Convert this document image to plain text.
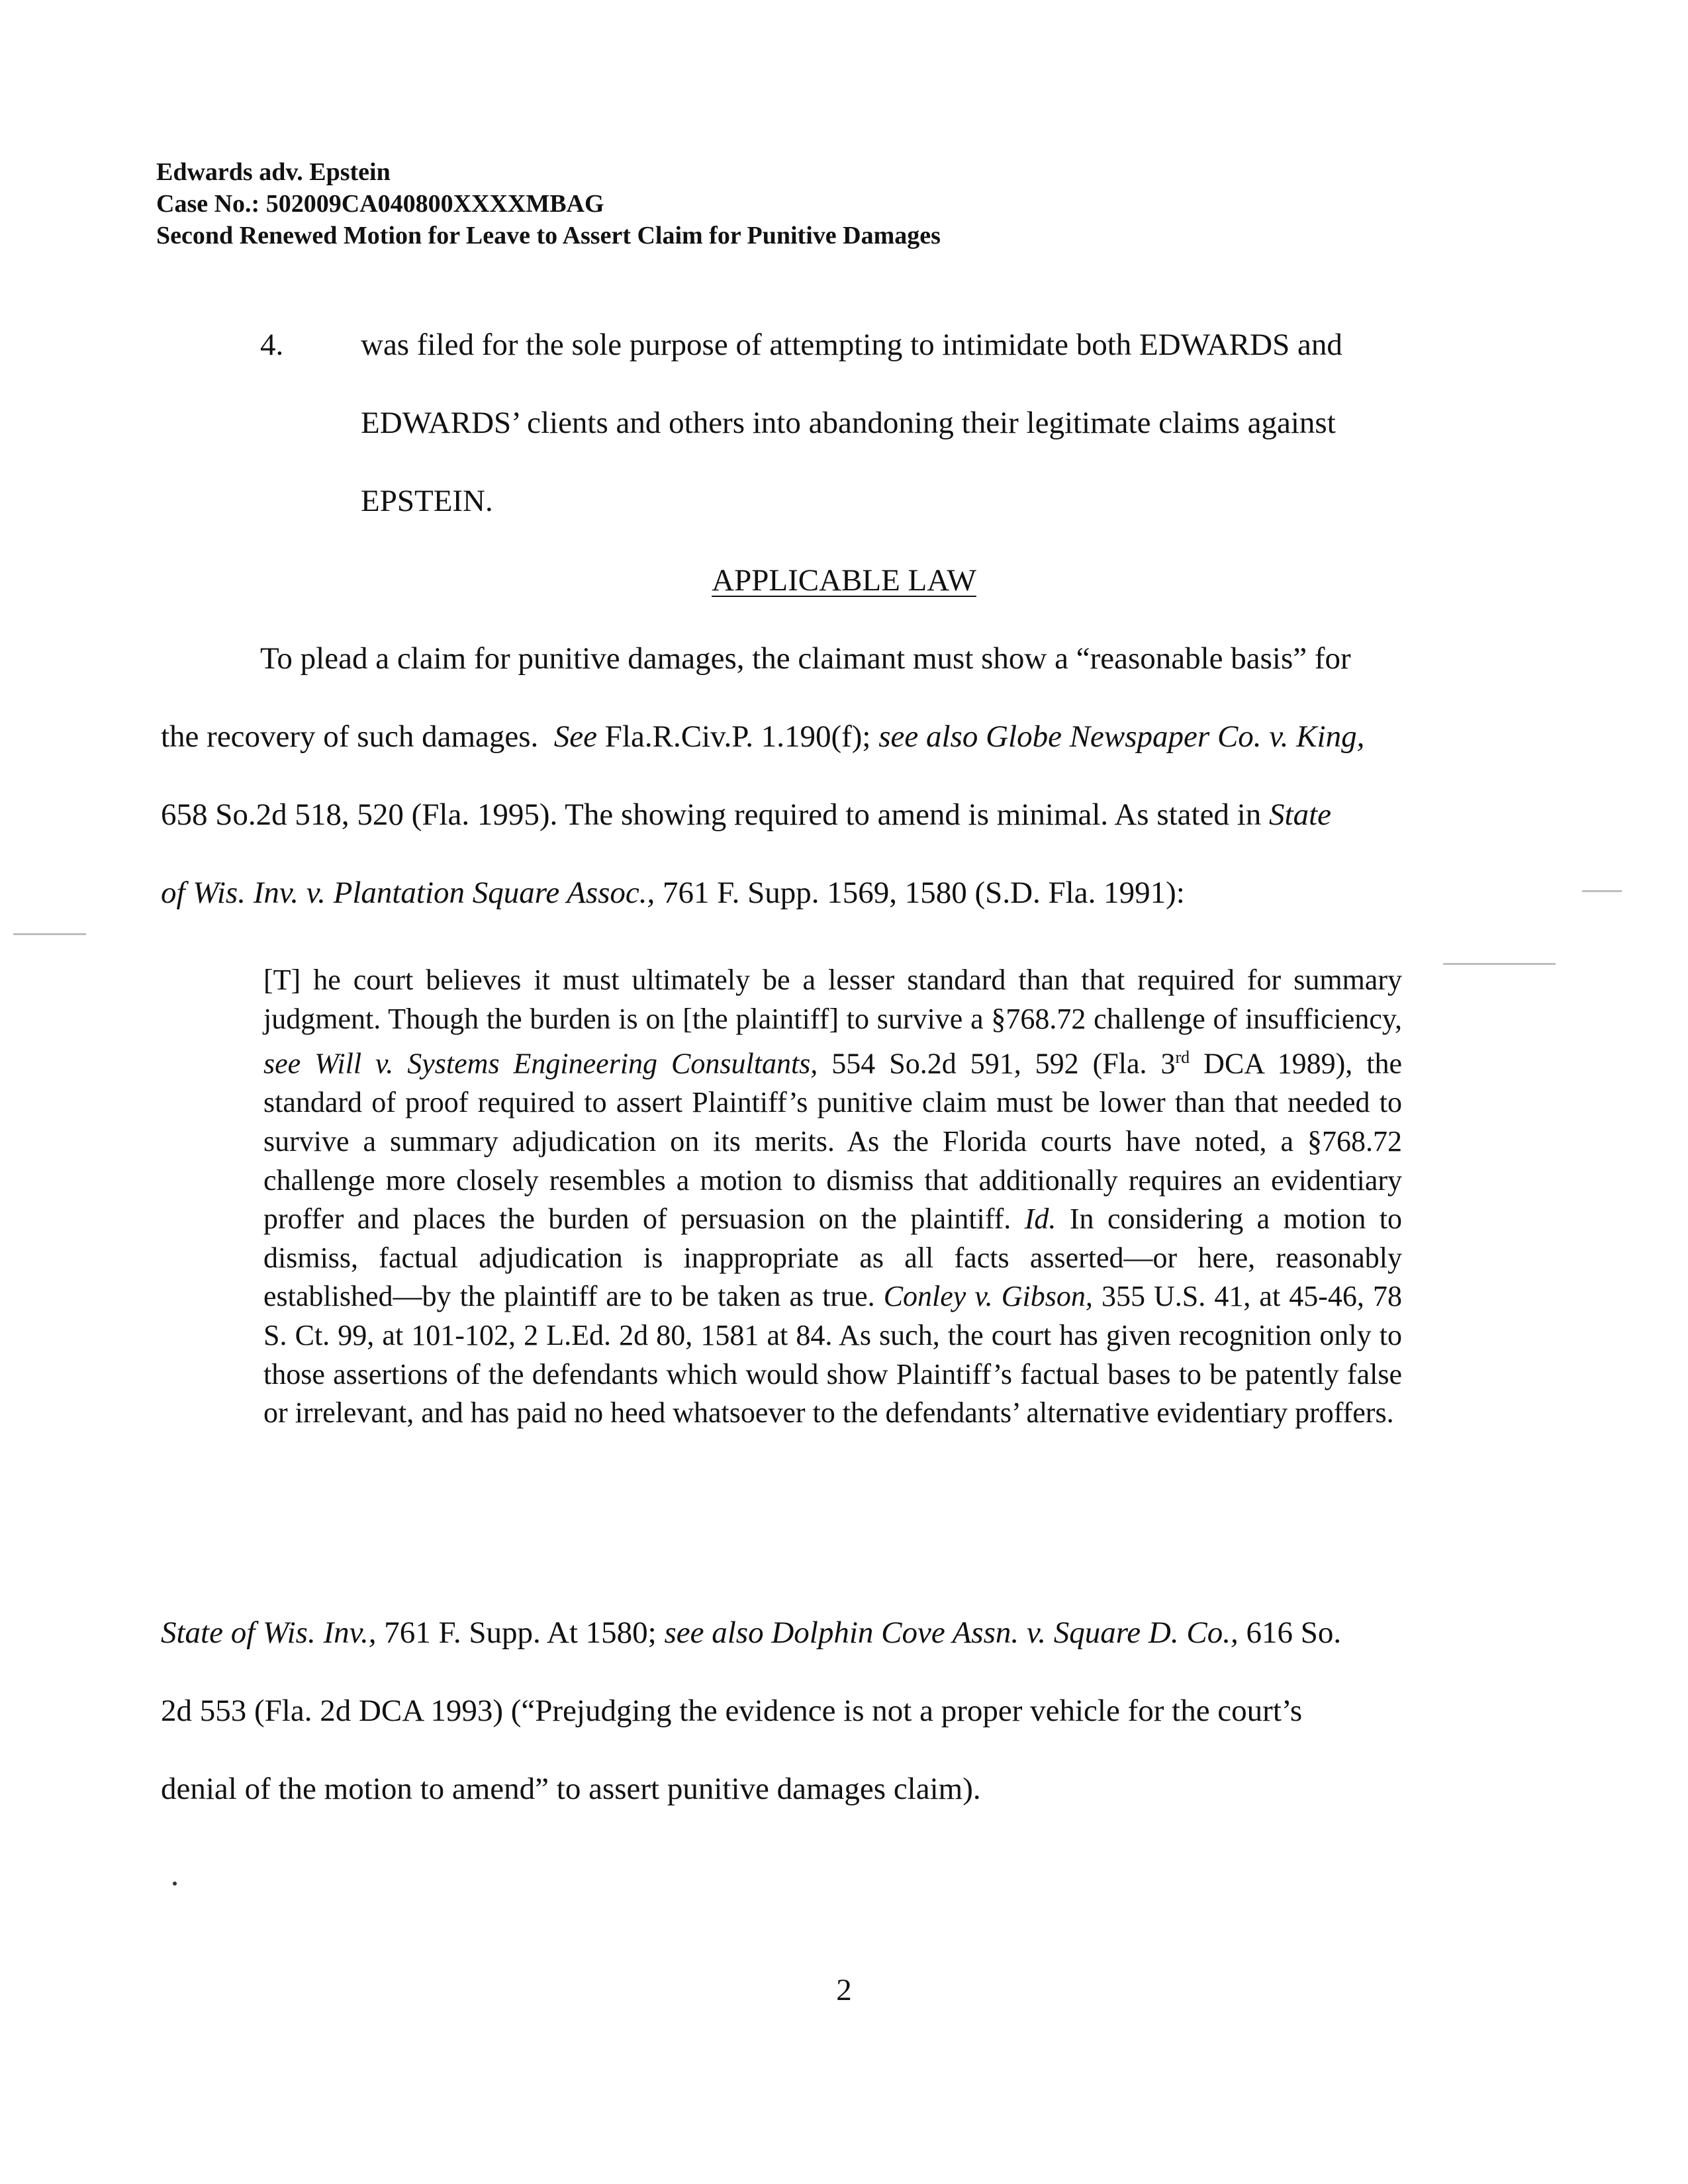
Edwards adv. Epstein
Case No.: 502009CA040800XXXXMBAG
Second Renewed Motion for Leave to Assert Claim for Punitive Damages
4. was filed for the sole purpose of attempting to intimidate both EDWARDS and
EDWARDS’ clients and others into abandoning their legitimate claims against
EPSTEIN.
APPLICABLE LAW
To plead a claim for punitive damages, the claimant must show a “reasonable basis” for
the recovery of such damages. See Fla.R.Civ.P. 1.190(f); see also Globe Newspaper Co. v. King,
658 So.2d 518, 520 (Fla. 1995). The showing required to amend is minimal. As stated in State
of Wis. Inv. v. Plantation Square Assoc., 761 F. Supp. 1569, 1580 (S.D. Fla. 1991):

[T] he court believes it must ultimately be a lesser standard than that required for summary judgment. Though the burden is on [the plaintiff] to survive a §768.72 challenge of insufficiency, see Will v. Systems Engineering Consultants, 554 So.2d 591, 592 (Fla. 3rd DCA 1989), the standard of proof required to assert Plaintiff’s punitive claim must be lower than that needed to survive a summary adjudication on its merits. As the Florida courts have noted, a §768.72 challenge more closely resembles a motion to dismiss that additionally requires an evidentiary proffer and places the burden of persuasion on the plaintiff. Id. In considering a motion to dismiss, factual adjudication is inappropriate as all facts asserted—or here, reasonably established—by the plaintiff are to be taken as true. Conley v. Gibson, 355 U.S. 41, at 45-46, 78 S. Ct. 99, at 101-102, 2 L.Ed. 2d 80, 1581 at 84. As such, the court has given recognition only to those assertions of the defendants which would show Plaintiff’s factual bases to be patently false or irrelevant, and has paid no heed whatsoever to the defendants’ alternative evidentiary proffers.

State of Wis. Inv., 761 F. Supp. At 1580; see also Dolphin Cove Assn. v. Square D. Co., 616 So.
2d 553 (Fla. 2d DCA 1993) (“Prejudging the evidence is not a proper vehicle for the court’s
denial of the motion to amend” to assert punitive damages claim).
2
